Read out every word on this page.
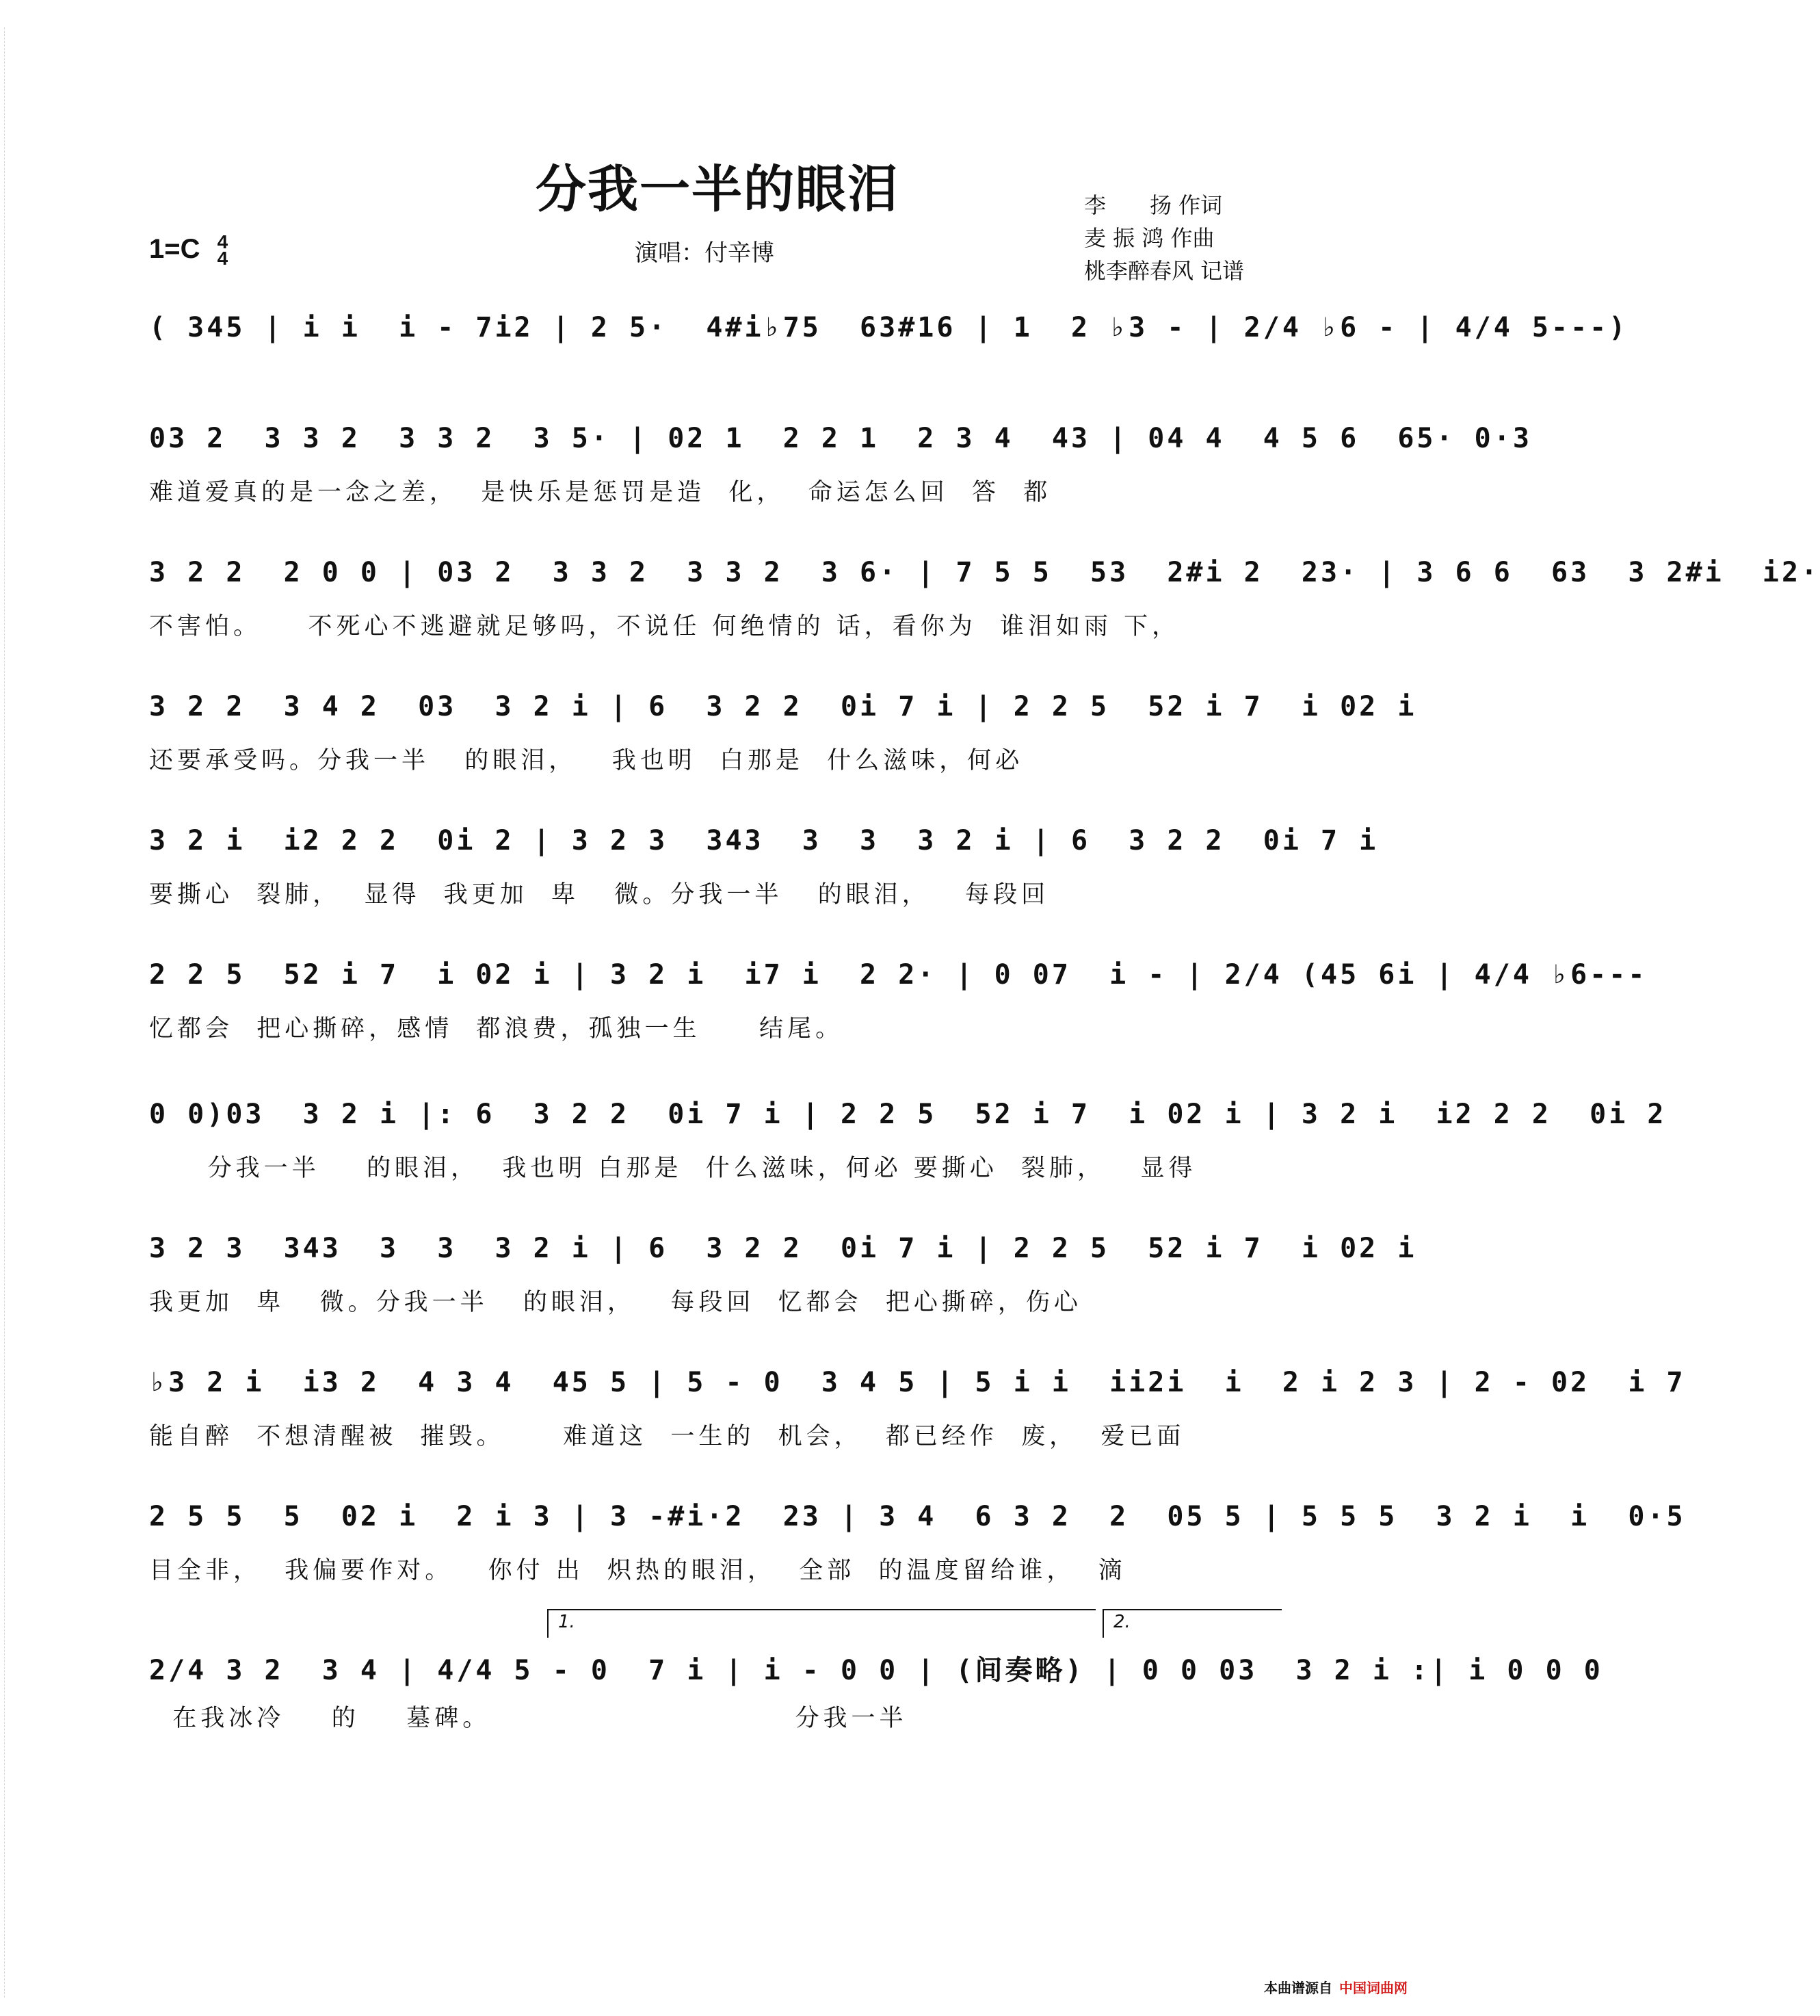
分我一半的眼泪	李　　扬 作词
麦 振 鸿 作曲
桃李醉春风 记谱
1=C 4
4	演唱：付辛博
( 345 | i i  i - 7i2 | 2 5·  4#i♭75  63#16 | 1  2 ♭3 - | 2/4 ♭6 - | 4/4 5---)
03 2  3 3 2  3 3 2  3 5· | 02 1  2 2 1  2 3 4  43 | 04 4  4 5 6  65· 0·3
难道爱真的是一念之差，  是快乐是惩罚是造  化，  命运怎么回  答  都
3 2 2  2 0 0 | 03 2  3 3 2  3 3 2  3 6· | 7 5 5  53  2#i 2  23· | 3 6 6  63  3 2#i  i2·
不害怕。    不死心不逃避就足够吗，不说任 何绝情的 话，看你为  谁泪如雨 下，
3 2 2  3 4 2  03  3 2 i | 6  3 2 2  0i 7 i | 2 2 5  52 i 7  i 02 i
还要承受吗。分我一半   的眼泪，   我也明  白那是  什么滋味，何必
3 2 i  i2 2 2  0i 2 | 3 2 3  343  3  3  3 2 i | 6  3 2 2  0i 7 i
要撕心  裂肺，  显得  我更加  卑   微。分我一半   的眼泪，   每段回
2 2 5  52 i 7  i 02 i | 3 2 i  i7 i  2 2· | 0 07  i - | 2/4 (45 6i | 4/4 ♭6---
忆都会  把心撕碎，感情  都浪费，孤独一生     结尾。
0 0)03  3 2 i |: 6  3 2 2  0i 7 i | 2 2 5  52 i 7  i 02 i | 3 2 i  i2 2 2  0i 2
分我一半    的眼泪，  我也明 白那是  什么滋味，何必 要撕心  裂肺，   显得
3 2 3  343  3  3  3 2 i | 6  3 2 2  0i 7 i | 2 2 5  52 i 7  i 02 i
我更加  卑   微。分我一半   的眼泪，   每段回  忆都会  把心撕碎，伤心
♭3 2 i  i3 2  4 3 4  45 5 | 5 - 0  3 4 5 | 5 i i  ii2i  i  2 i 2 3 | 2 - 02  i 7
能自醉  不想清醒被  摧毁。     难道这  一生的  机会，  都已经作  废，  爱已面
2 5 5  5  02 i  2 i 3 | 3 -#i·2  23 | 3 4  6 3 2  2  05 5 | 5 5 5  3 2 i  i  0·5
目全非，  我偏要作对。   你付 出  炽热的眼泪，  全部  的温度留给谁，  滴
1.	2.
2/4 3 2  3 4 | 4/4 5 - 0  7 i | i - 0 0 | (间奏略) | 0 0 03  3 2 i :| i 0 0 0
在我冰冷    的    墓碑。                          分我一半
本曲谱源自 中国词曲网
